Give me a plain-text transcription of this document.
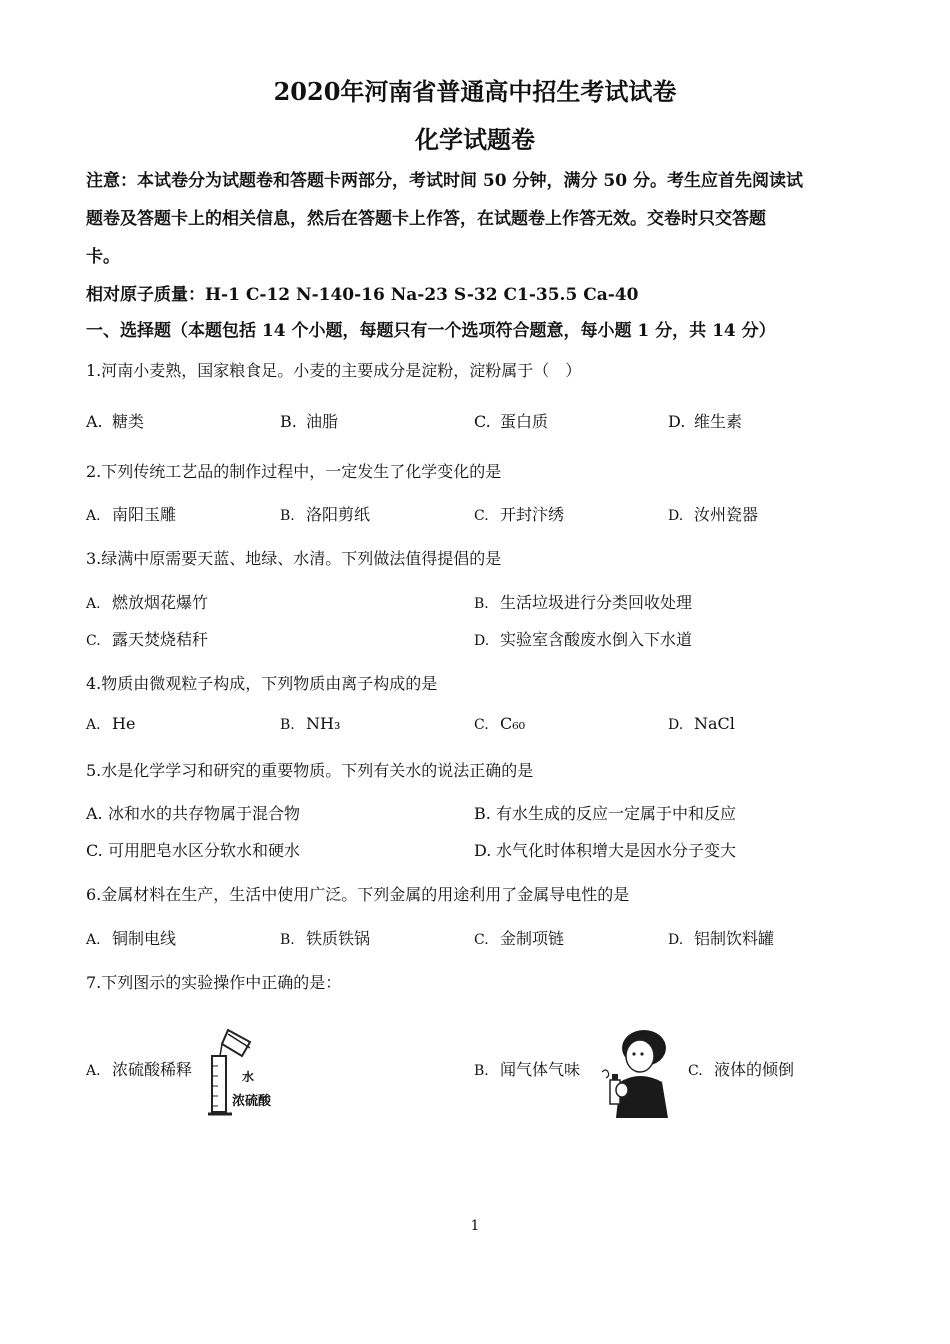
2020年河南省普通高中招生考试试卷
化学试题卷
注意：本试卷分为试题卷和答题卡两部分，考试时间 50 分钟，满分 50 分。考生应首先阅读试
题卷及答题卡上的相关信息，然后在答题卡上作答，在试题卷上作答无效。交卷时只交答题
卡。
相对原子质量：H-1 C-12 N-140-16 Na-23 S-32 C1-35.5 Ca-40
一、选择题（本题包括 14 个小题，每题只有一个选项符合题意，每小题 1 分，共 14 分）
1.河南小麦熟，国家粮食足。小麦的主要成分是淀粉，淀粉属于（　）
A. 糖类	B. 油脂	C. 蛋白质	D. 维生素
2.下列传统工艺品的制作过程中，一定发生了化学变化的是
A. 南阳玉雕	B. 洛阳剪纸	C. 开封汴绣	D. 汝州瓷器
3.绿满中原需要天蓝、地绿、水清。下列做法值得提倡的是
A. 燃放烟花爆竹	B. 生活垃圾进行分类回收处理
C. 露天焚烧秸秆	D. 实验室含酸废水倒入下水道
4.物质由微观粒子构成，下列物质由离子构成的是
A. He	B. NH₃	C. C₆₀	D. NaCl
5.水是化学学习和研究的重要物质。下列有关水的说法正确的是
A. 冰和水的共存物属于混合物	B. 有水生成的反应一定属于中和反应
C. 可用肥皂水区分软水和硬水	D. 水气化时体积增大是因水分子变大
6.金属材料在生产，生活中使用广泛。下列金属的用途利用了金属导电性的是
A. 铜制电线	B. 铁质铁锅	C. 金制项链	D. 铝制饮料罐
7.下列图示的实验操作中正确的是：
A. 浓硫酸稀释	水
浓硫酸
B. 闻气体气味	C. 液体的倾倒
1
